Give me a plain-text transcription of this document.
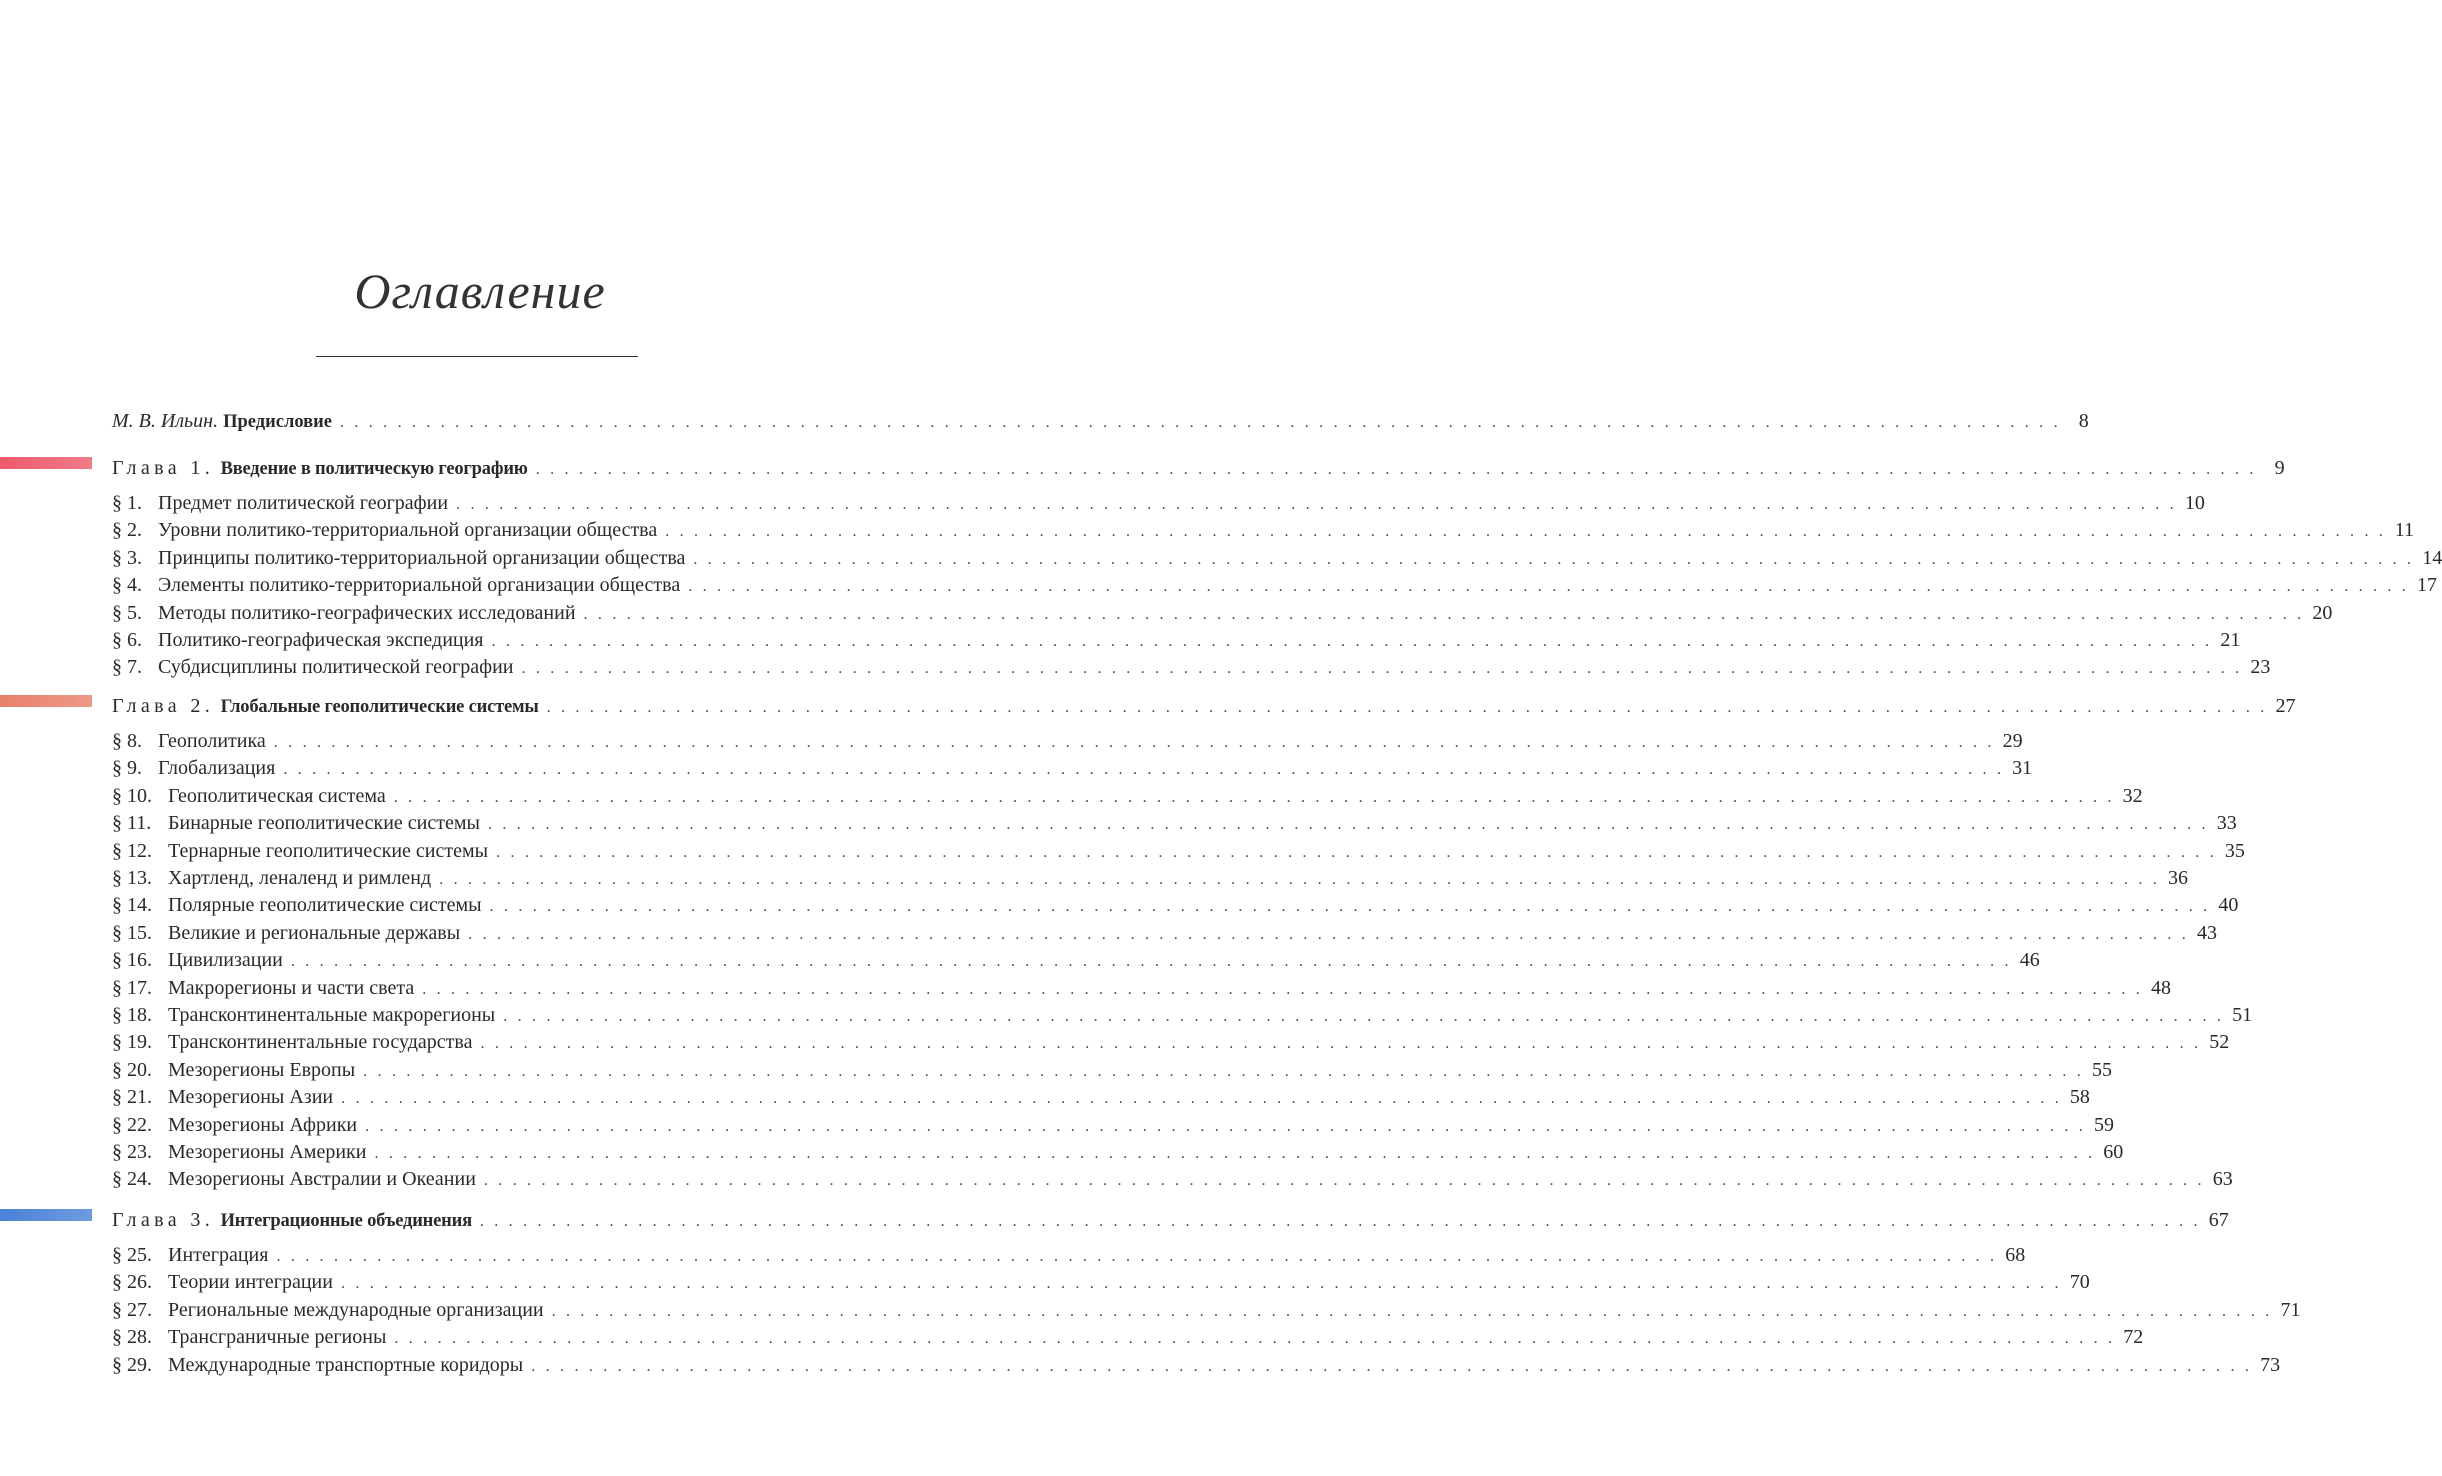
Оглавление
М. В. Ильин. Предисловие . . . . . . . . . . . . . . . . . . . . . . . . . . . . . . . . . . . . . . . . . . . . . . . . . . . . . . . . . . . . . . . . . . . . . . . . . . . . . . . . . . . . . . . . . . . . . . . . . . . . . . . . . . . . . . . . . . . . . . . . 8
Глава 1. Введение в политическую географию . . . . . . . . . . . . . . . . . . . . . . . . . . . . . . . . . . . . . . . . . . . . . . . . . . . . . . . . . . . . . . . . . . . . . . . . . . . . . . . . . . . . . . . . . . . . . . . . . . . . . . . . . . . . . . . . . . . . . . . . 9
§ 1. Предмет политической географии . . . . . . . . . . . . . . . . . . . . . . . . . . . . . . . . . . . . . . . . . . . . . . . . . . . . . . . . . . . . . . . . . . . . . . . . . . . . . . . . . . . . . . . . . . . . . . . . . . . . . . . . . . . . . . . . . . . . . . . . 10
§ 2. Уровни политико-территориальной организации общества . . . . . . . . . . . . . . . . . . . . . . . . . . . . . . . . . . . . . . . . . . . . . . . . . . . . . . . . . . . . . . . . . . . . . . . . . . . . . . . . . . . . . . . . . . . . . . . . . . . . . . . . . . . . . . . . . . . . . . . . 11
§ 3. Принципы политико-территориальной организации общества . . . . . . . . . . . . . . . . . . . . . . . . . . . . . . . . . . . . . . . . . . . . . . . . . . . . . . . . . . . . . . . . . . . . . . . . . . . . . . . . . . . . . . . . . . . . . . . . . . . . . . . . . . . . . . . . . . . . . . . . 14
§ 4. Элементы политико-территориальной организации общества . . . . . . . . . . . . . . . . . . . . . . . . . . . . . . . . . . . . . . . . . . . . . . . . . . . . . . . . . . . . . . . . . . . . . . . . . . . . . . . . . . . . . . . . . . . . . . . . . . . . . . . . . . . . . . . . . . . . . . . . 17
§ 5. Методы политико-географических исследований . . . . . . . . . . . . . . . . . . . . . . . . . . . . . . . . . . . . . . . . . . . . . . . . . . . . . . . . . . . . . . . . . . . . . . . . . . . . . . . . . . . . . . . . . . . . . . . . . . . . . . . . . . . . . . . . . . . . . . . . 20
§ 6. Политико-географическая экспедиция . . . . . . . . . . . . . . . . . . . . . . . . . . . . . . . . . . . . . . . . . . . . . . . . . . . . . . . . . . . . . . . . . . . . . . . . . . . . . . . . . . . . . . . . . . . . . . . . . . . . . . . . . . . . . . . . . . . . . . . . 21
§ 7. Субдисциплины политической географии . . . . . . . . . . . . . . . . . . . . . . . . . . . . . . . . . . . . . . . . . . . . . . . . . . . . . . . . . . . . . . . . . . . . . . . . . . . . . . . . . . . . . . . . . . . . . . . . . . . . . . . . . . . . . . . . . . . . . . . . 23
Глава 2. Глобальные геополитические системы . . . . . . . . . . . . . . . . . . . . . . . . . . . . . . . . . . . . . . . . . . . . . . . . . . . . . . . . . . . . . . . . . . . . . . . . . . . . . . . . . . . . . . . . . . . . . . . . . . . . . . . . . . . . . . . . . . . . . . . . 27
§ 8. Геополитика . . . . . . . . . . . . . . . . . . . . . . . . . . . . . . . . . . . . . . . . . . . . . . . . . . . . . . . . . . . . . . . . . . . . . . . . . . . . . . . . . . . . . . . . . . . . . . . . . . . . . . . . . . . . . . . . . . . . . . . . 29
§ 9. Глобализация . . . . . . . . . . . . . . . . . . . . . . . . . . . . . . . . . . . . . . . . . . . . . . . . . . . . . . . . . . . . . . . . . . . . . . . . . . . . . . . . . . . . . . . . . . . . . . . . . . . . . . . . . . . . . . . . . . . . . . . . 31
§ 10. Геополитическая система . . . . . . . . . . . . . . . . . . . . . . . . . . . . . . . . . . . . . . . . . . . . . . . . . . . . . . . . . . . . . . . . . . . . . . . . . . . . . . . . . . . . . . . . . . . . . . . . . . . . . . . . . . . . . . . . . . . . . . . . 32
§ 11. Бинарные геополитические системы . . . . . . . . . . . . . . . . . . . . . . . . . . . . . . . . . . . . . . . . . . . . . . . . . . . . . . . . . . . . . . . . . . . . . . . . . . . . . . . . . . . . . . . . . . . . . . . . . . . . . . . . . . . . . . . . . . . . . . . . 33
§ 12. Тернарные геополитические системы . . . . . . . . . . . . . . . . . . . . . . . . . . . . . . . . . . . . . . . . . . . . . . . . . . . . . . . . . . . . . . . . . . . . . . . . . . . . . . . . . . . . . . . . . . . . . . . . . . . . . . . . . . . . . . . . . . . . . . . . 35
§ 13. Хартленд, леналенд и римленд . . . . . . . . . . . . . . . . . . . . . . . . . . . . . . . . . . . . . . . . . . . . . . . . . . . . . . . . . . . . . . . . . . . . . . . . . . . . . . . . . . . . . . . . . . . . . . . . . . . . . . . . . . . . . . . . . . . . . . . . 36
§ 14. Полярные геополитические системы . . . . . . . . . . . . . . . . . . . . . . . . . . . . . . . . . . . . . . . . . . . . . . . . . . . . . . . . . . . . . . . . . . . . . . . . . . . . . . . . . . . . . . . . . . . . . . . . . . . . . . . . . . . . . . . . . . . . . . . . 40
§ 15. Великие и региональные державы . . . . . . . . . . . . . . . . . . . . . . . . . . . . . . . . . . . . . . . . . . . . . . . . . . . . . . . . . . . . . . . . . . . . . . . . . . . . . . . . . . . . . . . . . . . . . . . . . . . . . . . . . . . . . . . . . . . . . . . . 43
§ 16. Цивилизации . . . . . . . . . . . . . . . . . . . . . . . . . . . . . . . . . . . . . . . . . . . . . . . . . . . . . . . . . . . . . . . . . . . . . . . . . . . . . . . . . . . . . . . . . . . . . . . . . . . . . . . . . . . . . . . . . . . . . . . . 46
§ 17. Макрорегионы и части света . . . . . . . . . . . . . . . . . . . . . . . . . . . . . . . . . . . . . . . . . . . . . . . . . . . . . . . . . . . . . . . . . . . . . . . . . . . . . . . . . . . . . . . . . . . . . . . . . . . . . . . . . . . . . . . . . . . . . . . . 48
§ 18. Трансконтинентальные макрорегионы . . . . . . . . . . . . . . . . . . . . . . . . . . . . . . . . . . . . . . . . . . . . . . . . . . . . . . . . . . . . . . . . . . . . . . . . . . . . . . . . . . . . . . . . . . . . . . . . . . . . . . . . . . . . . . . . . . . . . . . . 51
§ 19. Трансконтинентальные государства . . . . . . . . . . . . . . . . . . . . . . . . . . . . . . . . . . . . . . . . . . . . . . . . . . . . . . . . . . . . . . . . . . . . . . . . . . . . . . . . . . . . . . . . . . . . . . . . . . . . . . . . . . . . . . . . . . . . . . . . 52
§ 20. Мезорегионы Европы . . . . . . . . . . . . . . . . . . . . . . . . . . . . . . . . . . . . . . . . . . . . . . . . . . . . . . . . . . . . . . . . . . . . . . . . . . . . . . . . . . . . . . . . . . . . . . . . . . . . . . . . . . . . . . . . . . . . . . . . 55
§ 21. Мезорегионы Азии . . . . . . . . . . . . . . . . . . . . . . . . . . . . . . . . . . . . . . . . . . . . . . . . . . . . . . . . . . . . . . . . . . . . . . . . . . . . . . . . . . . . . . . . . . . . . . . . . . . . . . . . . . . . . . . . . . . . . . . . 58
§ 22. Мезорегионы Африки . . . . . . . . . . . . . . . . . . . . . . . . . . . . . . . . . . . . . . . . . . . . . . . . . . . . . . . . . . . . . . . . . . . . . . . . . . . . . . . . . . . . . . . . . . . . . . . . . . . . . . . . . . . . . . . . . . . . . . . . 59
§ 23. Мезорегионы Америки . . . . . . . . . . . . . . . . . . . . . . . . . . . . . . . . . . . . . . . . . . . . . . . . . . . . . . . . . . . . . . . . . . . . . . . . . . . . . . . . . . . . . . . . . . . . . . . . . . . . . . . . . . . . . . . . . . . . . . . . 60
§ 24. Мезорегионы Австралии и Океании . . . . . . . . . . . . . . . . . . . . . . . . . . . . . . . . . . . . . . . . . . . . . . . . . . . . . . . . . . . . . . . . . . . . . . . . . . . . . . . . . . . . . . . . . . . . . . . . . . . . . . . . . . . . . . . . . . . . . . . . 63
Глава 3. Интеграционные объединения . . . . . . . . . . . . . . . . . . . . . . . . . . . . . . . . . . . . . . . . . . . . . . . . . . . . . . . . . . . . . . . . . . . . . . . . . . . . . . . . . . . . . . . . . . . . . . . . . . . . . . . . . . . . . . . . . . . . . . . . 67
§ 25. Интеграция . . . . . . . . . . . . . . . . . . . . . . . . . . . . . . . . . . . . . . . . . . . . . . . . . . . . . . . . . . . . . . . . . . . . . . . . . . . . . . . . . . . . . . . . . . . . . . . . . . . . . . . . . . . . . . . . . . . . . . . . 68
§ 26. Теории интеграции . . . . . . . . . . . . . . . . . . . . . . . . . . . . . . . . . . . . . . . . . . . . . . . . . . . . . . . . . . . . . . . . . . . . . . . . . . . . . . . . . . . . . . . . . . . . . . . . . . . . . . . . . . . . . . . . . . . . . . . . 70
§ 27. Региональные международные организации . . . . . . . . . . . . . . . . . . . . . . . . . . . . . . . . . . . . . . . . . . . . . . . . . . . . . . . . . . . . . . . . . . . . . . . . . . . . . . . . . . . . . . . . . . . . . . . . . . . . . . . . . . . . . . . . . . . . . . . . 71
§ 28. Трансграничные регионы . . . . . . . . . . . . . . . . . . . . . . . . . . . . . . . . . . . . . . . . . . . . . . . . . . . . . . . . . . . . . . . . . . . . . . . . . . . . . . . . . . . . . . . . . . . . . . . . . . . . . . . . . . . . . . . . . . . . . . . . 72
§ 29. Международные транспортные коридоры . . . . . . . . . . . . . . . . . . . . . . . . . . . . . . . . . . . . . . . . . . . . . . . . . . . . . . . . . . . . . . . . . . . . . . . . . . . . . . . . . . . . . . . . . . . . . . . . . . . . . . . . . . . . . . . . . . . . . . . . 73
